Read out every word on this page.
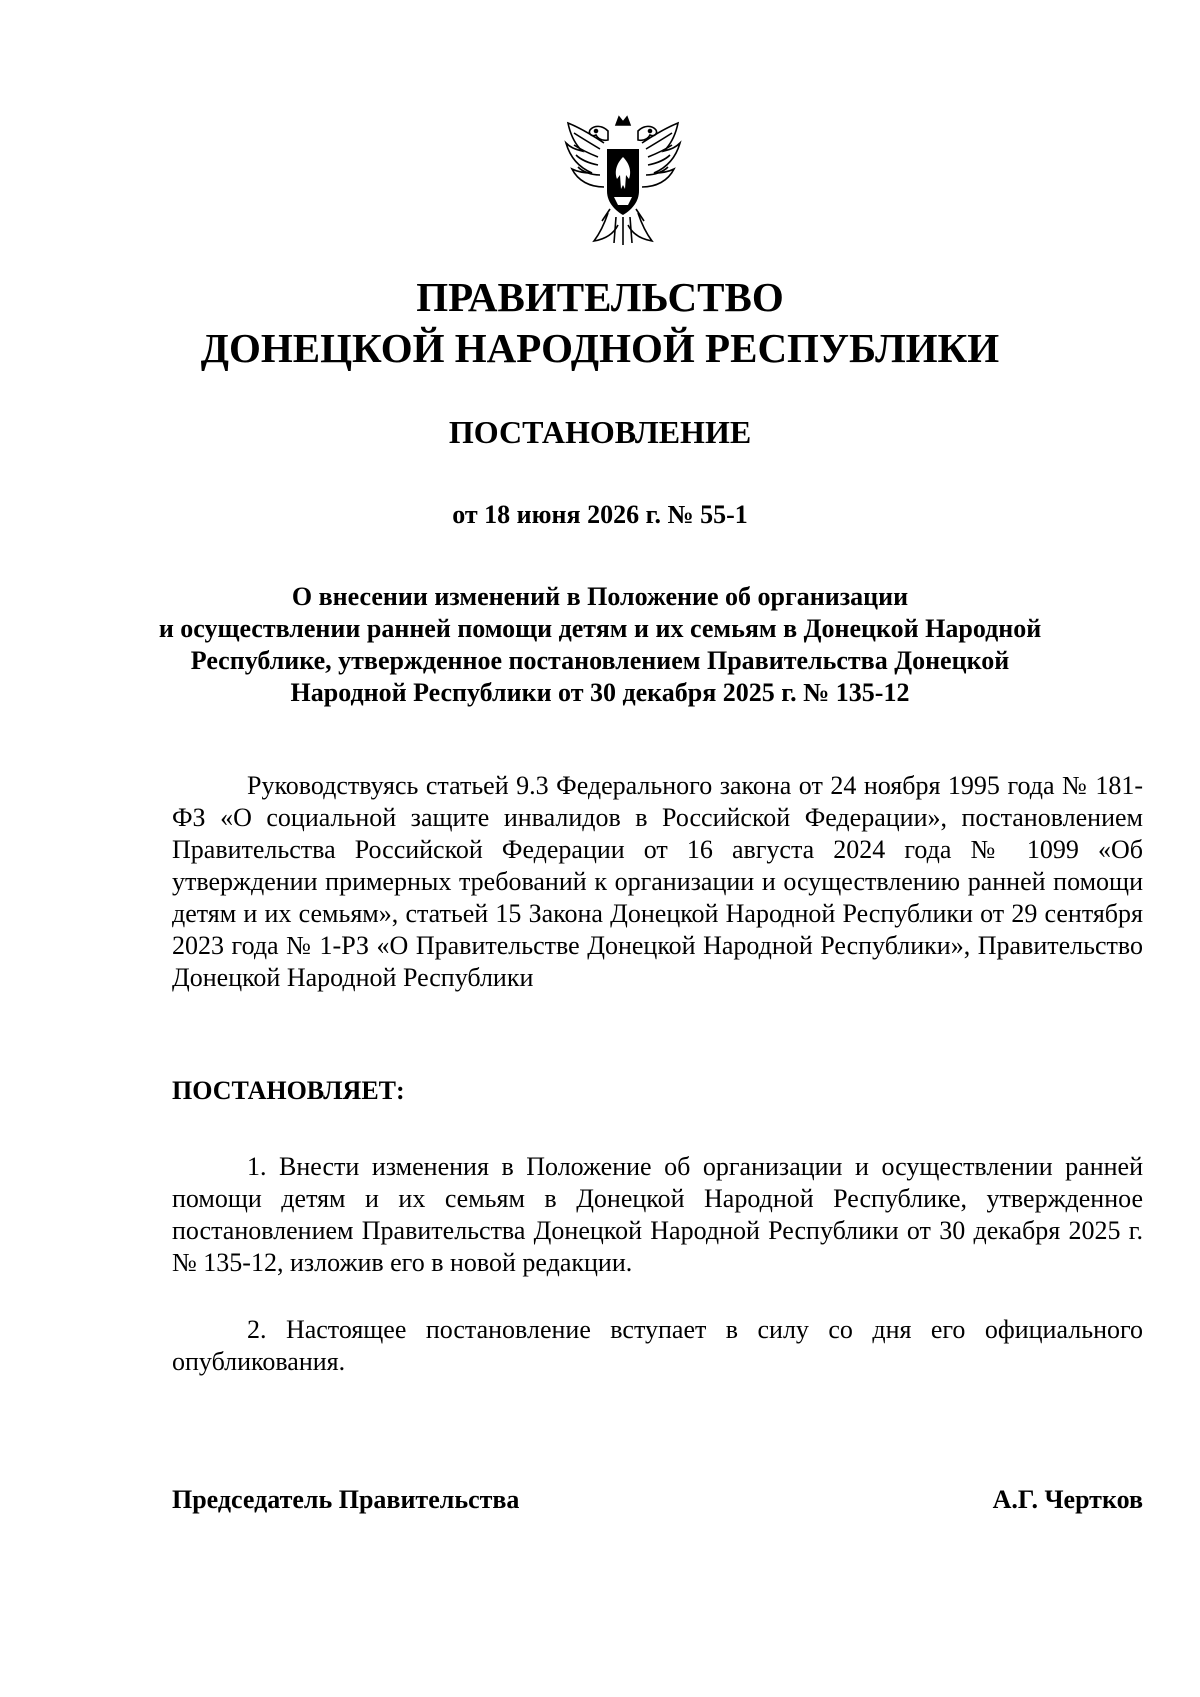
ПРАВИТЕЛЬСТВО
ДОНЕЦКОЙ НАРОДНОЙ РЕСПУБЛИКИ
ПОСТАНОВЛЕНИЕ
от 18 июня 2026 г. № 55-1
О внесении изменений в Положение об организации
и осуществлении ранней помощи детям и их семьям в Донецкой Народной
Республике, утвержденное постановлением Правительства Донецкой
Народной Республики от 30 декабря 2025 г. № 135-12
Руководствуясь статьей 9.3 Федерального закона от 24 ноября 1995 года № 181-ФЗ «О социальной защите инвалидов в Российской Федерации», постановлением Правительства Российской Федерации от 16 августа 2024 года № 1099 «Об утверждении примерных требований к организации и осуществлению ранней помощи детям и их семьям», статьей 15 Закона Донецкой Народной Республики от 29 сентября 2023 года № 1-РЗ «О Правительстве Донецкой Народной Республики», Правительство Донецкой Народной Республики
ПОСТАНОВЛЯЕТ:
1. Внести изменения в Положение об организации и осуществлении ранней помощи детям и их семьям в Донецкой Народной Республике, утвержденное постановлением Правительства Донецкой Народной Республики от 30 декабря 2025 г. № 135-12, изложив его в новой редакции.
2. Настоящее постановление вступает в силу со дня его официального опубликования.
Председатель Правительства	А.Г. Чертков
